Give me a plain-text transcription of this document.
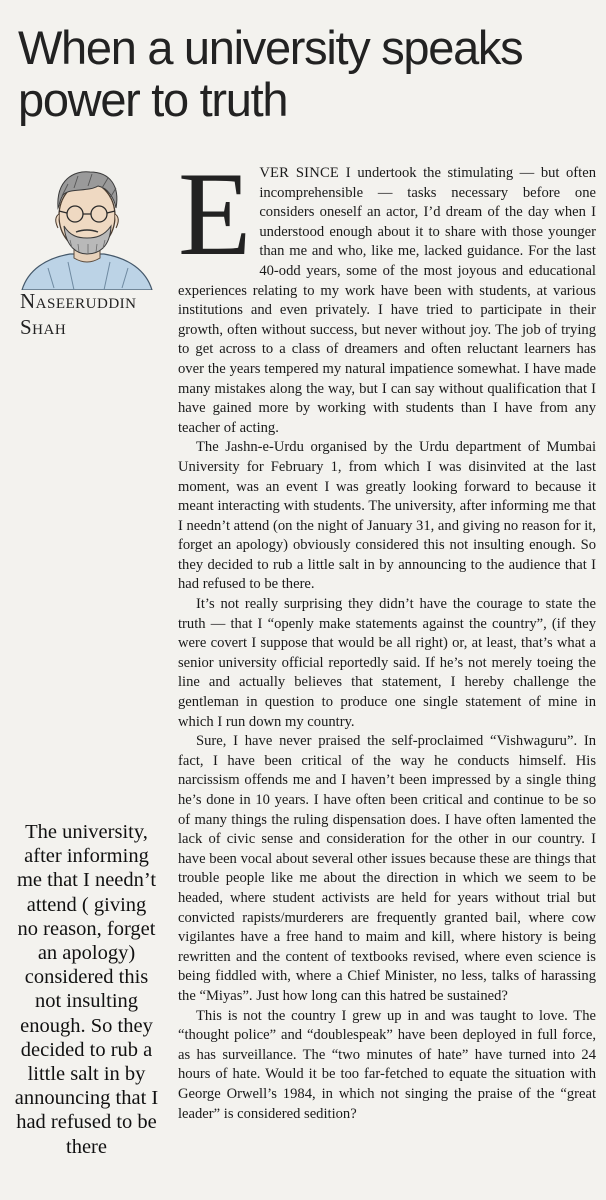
When a university speaks power to truth
Naseeruddin
Shah
The university, after informing me that I needn’t attend ( giving no reason, forget an apology) considered this not insulting enough. So they decided to rub a little salt in by announcing that I had refused to be there

EVER SINCE I undertook the stimulating — but often incomprehensible — tasks necessary before one considers oneself an actor, I’d dream of the day when I understood enough about it to share with those younger than me and who, like me, lacked guidance. For the last 40-odd years, some of the most joyous and educational experiences relating to my work have been with students, at various institutions and even privately. I have tried to participate in their growth, often without success, but never without joy. The job of trying to get across to a class of dreamers and often reluctant learners has over the years tempered my natural impatience somewhat. I have made many mistakes along the way, but I can say without qualification that I have gained more by working with students than I have from any teacher of acting.

The Jashn-e-Urdu organised by the Urdu department of Mumbai University for February 1, from which I was disinvited at the last moment, was an event I was greatly looking forward to because it meant interacting with students. The university, after informing me that I needn’t attend (on the night of January 31, and giving no reason for it, forget an apology) obviously considered this not insulting enough. So they decided to rub a little salt in by announcing to the audience that I had refused to be there.

It’s not really surprising they didn’t have the courage to state the truth — that I “openly make statements against the country”, (if they were covert I suppose that would be all right) or, at least, that’s what a senior university official reportedly said. If he’s not merely toeing the line and actually believes that statement, I hereby challenge the gentleman in question to produce one single statement of mine in which I run down my country.

Sure, I have never praised the self-proclaimed “Vishwaguru”. In fact, I have been critical of the way he conducts himself. His narcissism offends me and I haven’t been impressed by a single thing he’s done in 10 years. I have often been critical and continue to be so of many things the ruling dispensation does. I have often lamented the lack of civic sense and consideration for the other in our country. I have been vocal about several other issues because these are things that trouble people like me about the direction in which we seem to be headed, where student activists are held for years without trial but convicted rapists/murderers are frequently granted bail, where cow vigilantes have a free hand to maim and kill, where history is being rewritten and the content of textbooks revised, where even science is being fiddled with, where a Chief Minister, no less, talks of harassing the “Miyas”. Just how long can this hatred be sustained?

This is not the country I grew up in and was taught to love. The “thought police” and “doublespeak” have been deployed in full force, as has surveillance. The “two minutes of hate” have turned into 24 hours of hate. Would it be too far-fetched to equate the situation with George Orwell’s 1984, in which not singing the praise of the “great leader” is considered sedition?
